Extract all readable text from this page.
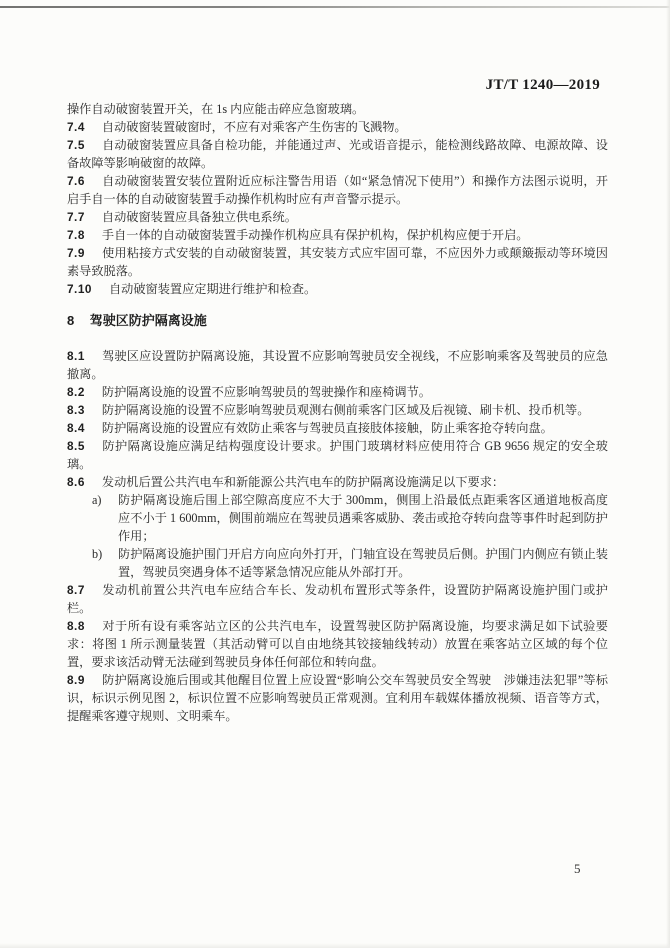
JT/T 1240—2019

操作自动破窗装置开关，在 1s 内应能击碎应急窗玻璃。

7.4 自动破窗装置破窗时，不应有对乘客产生伤害的飞溅物。

7.5 自动破窗装置应具备自检功能，并能通过声、光或语音提示，能检测线路故障、电源故障、设备故障等影响破窗的故障。

7.6 自动破窗装置安装位置附近应标注警告用语（如“紧急情况下使用”）和操作方法图示说明，开启手自一体的自动破窗装置手动操作机构时应有声音警示提示。

7.7 自动破窗装置应具备独立供电系统。

7.8 手自一体的自动破窗装置手动操作机构应具有保护机构，保护机构应便于开启。

7.9 使用粘接方式安装的自动破窗装置，其安装方式应牢固可靠，不应因外力或颠簸振动等环境因素导致脱落。

7.10 自动破窗装置应定期进行维护和检查。

8 驾驶区防护隔离设施

8.1 驾驶区应设置防护隔离设施，其设置不应影响驾驶员安全视线，不应影响乘客及驾驶员的应急撤离。

8.2 防护隔离设施的设置不应影响驾驶员的驾驶操作和座椅调节。

8.3 防护隔离设施的设置不应影响驾驶员观测右侧前乘客门区域及后视镜、刷卡机、投币机等。

8.4 防护隔离设施的设置应有效防止乘客与驾驶员直接肢体接触，防止乘客抢夺转向盘。

8.5 防护隔离设施应满足结构强度设计要求。护围门玻璃材料应使用符合 GB 9656 规定的安全玻璃。

8.6 发动机后置公共汽电车和新能源公共汽电车的防护隔离设施满足以下要求：

a) 防护隔离设施后围上部空隙高度应不大于 300mm，侧围上沿最低点距乘客区通道地板高度应不小于 1 600mm，侧围前端应在驾驶员遇乘客威胁、袭击或抢夺转向盘等事件时起到防护作用；

b) 防护隔离设施护围门开启方向应向外打开，门轴宜设在驾驶员后侧。护围门内侧应有锁止装置，驾驶员突遇身体不适等紧急情况应能从外部打开。

8.7 发动机前置公共汽电车应结合车长、发动机布置形式等条件，设置防护隔离设施护围门或护栏。

8.8 对于所有设有乘客站立区的公共汽电车，设置驾驶区防护隔离设施，均要求满足如下试验要求：将图 1 所示测量装置（其活动臂可以自由地绕其铰接轴线转动）放置在乘客站立区域的每个位置，要求该活动臂无法碰到驾驶员身体任何部位和转向盘。

8.9 防护隔离设施后围或其他醒目位置上应设置“影响公交车驾驶员安全驾驶　涉嫌违法犯罪”等标识，标识示例见图 2，标识位置不应影响驾驶员正常观测。宜利用车载媒体播放视频、语音等方式，提醒乘客遵守规则、文明乘车。

5
